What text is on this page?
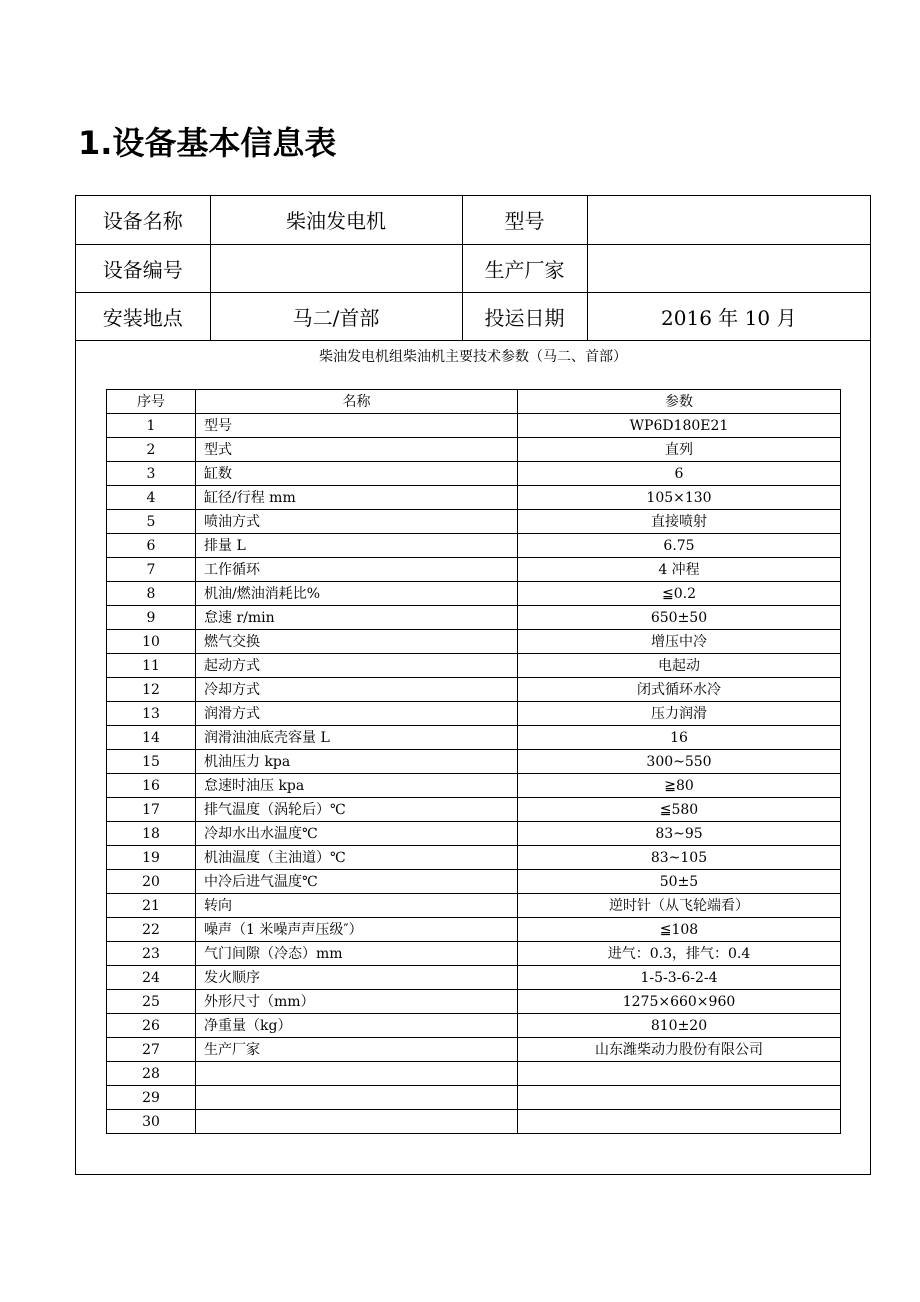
1.设备基本信息表
设备名称	柴油发电机	型号	
设备编号		生产厂家	
安装地点	马二/首部	投运日期	2016 年 10 月
柴油发电机组柴油机主要技术参数（马二、首部）
序号	名称	参数
1	型号	WP6D180E21
2	型式	直列
3	缸数	6
4	缸径/行程 mm	105×130
5	喷油方式	直接喷射
6	排量 L	6.75
7	工作循环	4 冲程
8	机油/燃油消耗比%	≦0.2
9	怠速 r/min	650±50
10	燃气交换	增压中冷
11	起动方式	电起动
12	冷却方式	闭式循环水冷
13	润滑方式	压力润滑
14	润滑油油底壳容量 L	16
15	机油压力 kpa	300~550
16	怠速时油压 kpa	≧80
17	排气温度（涡轮后）℃	≦580
18	冷却水出水温度℃	83~95
19	机油温度（主油道）℃	83~105
20	中冷后进气温度℃	50±5
21	转向	逆时针（从飞轮端看）
22	噪声（1 米噪声声压级″）	≦108
23	气门间隙（冷态）mm	进气：0.3，排气：0.4
24	发火顺序	1-5-3-6-2-4
25	外形尺寸（mm）	1275×660×960
26	净重量（kg）	810±20
27	生产厂家	山东潍柴动力股份有限公司
28		
29		
30		
